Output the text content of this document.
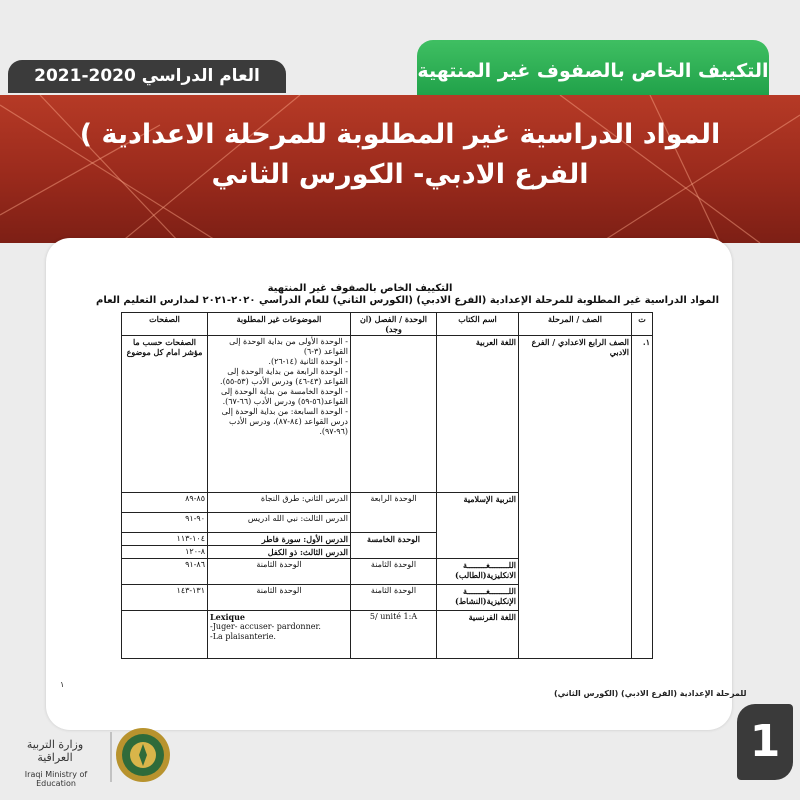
المواد الدراسية غير المطلوبة للمرحلة الاعدادية )
الفرع الادبي- الكورس الثاني
العام الدراسي 2020-2021	التكييف الخاص بالصفوف غير المنتهية
التكييف الخاص بالصفوف غير المنتهية
المواد الدراسية غير المطلوبة للمرحلة الإعدادية (الفرع الادبي) (الكورس الثاني) للعام الدراسي ٢٠٢٠-٢٠٢١ لمدارس التعليم العام
ت	الصف / المرحلة	اسم الكتاب	الوحدة / الفصل (ان وجد)	الموضوعات غير المطلوبة	الصفحات
١.	الصف الرابع الاعدادي / الفرع الادبي	اللغة العربية		- الوحدة الأولى من بداية الوحدة إلى القواعد (٣-٦)
- الوحدة الثانية (١٤-٢٦).
- الوحدة الرابعة من بداية الوحدة إلى القواعد (٤٣-٤٦) ودرس الأدب (٥٣-٥٥).
- الوحدة الخامسة من بداية الوحدة إلى القواعد(٥٦-٥٩) ودرس الأدب (٦٦-٦٧).
- الوحدة السابعة: من بداية الوحدة إلى درس القواعد (٨٤-٨٧)، ودرس الأدب (٩٦-٩٧).	الصفحات حسب ما مؤشر امام كل موضوع
		التربية الإسلامية	الوحدة الرابعة	الدرس الثاني: طرق النجاة	٨٥-٨٩
				الدرس الثالث: نبي الله ادريس	٩٠-٩١
			الوحدة الخامسة	الدرس الأول: سورة فاطر	١٠٤-١١٣
				الدرس الثالث: ذو الكفل	٨-١٢٠
		اللــــــــغــــــــة الانكليزية(الطالب)	الوحدة الثامنة	الوحدة الثامنة	٨٦-٩١
		اللــــــــغــــــــة الإنكليزية(النشاط)	الوحدة الثامنة	الوحدة الثامنة	١٣١-١٤٣
		اللغة الفرنسية	5/ unité 1:A	Lexique
-Juger- accuser- pardonner.
-La plaisanterie.	

١
للمرحلة الإعدادية (الفرع الادبي) (الكورس الثاني)
1
وزارة التربية العراقية
Iraqi Ministry of Education
